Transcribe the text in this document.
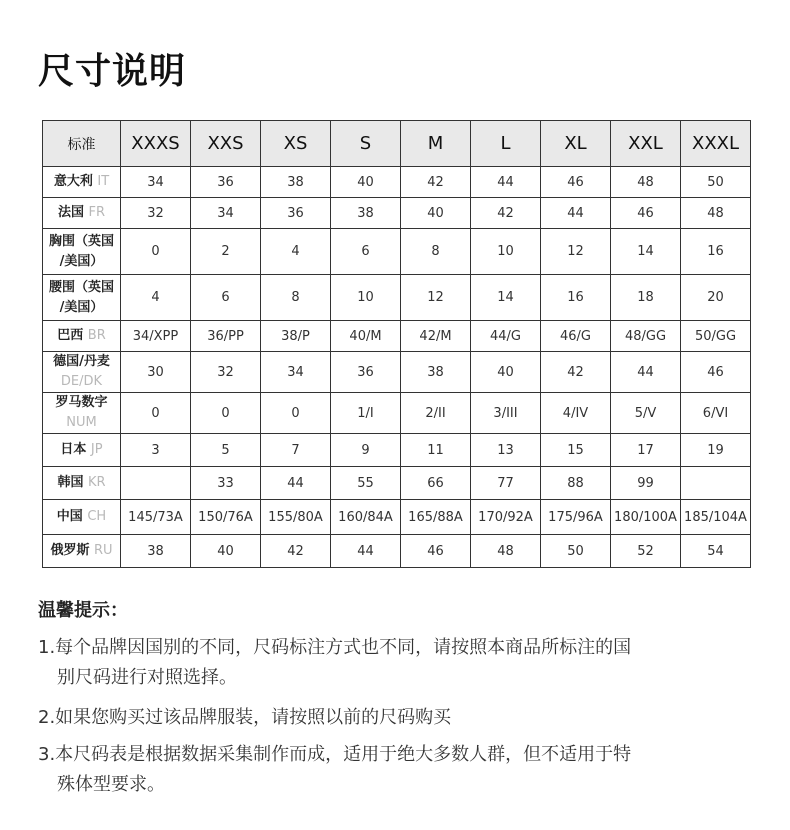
尺寸说明
标准	XXXS	XXS	XS	S	M	L	XL	XXL	XXXL
意大利 IT	34	36	38	40	42	44	46	48	50
法国 FR	32	34	36	38	40	42	44	46	48
胸围（英国
/美国）	0	2	4	6	8	10	12	14	16
腰围（英国
/美国）	4	6	8	10	12	14	16	18	20
巴西 BR	34/XPP	36/PP	38/P	40/M	42/M	44/G	46/G	48/GG	50/GG
德国/丹麦
DE/DK	30	32	34	36	38	40	42	44	46
罗马数字
NUM	0	0	0	1/I	2/II	3/III	4/IV	5/V	6/VI
日本 JP	3	5	7	9	11	13	15	17	19
韩国 KR		33	44	55	66	77	88	99	
中国 CH	145/73A	150/76A	155/80A	160/84A	165/88A	170/92A	175/96A	180/100A	185/104A
俄罗斯 RU	38	40	42	44	46	48	50	52	54
温馨提示：
1.每个品牌因国别的不同，尺码标注方式也不同，请按照本商品所标注的国
别尺码进行对照选择。
2.如果您购买过该品牌服装，请按照以前的尺码购买
3.本尺码表是根据数据采集制作而成，适用于绝大多数人群，但不适用于特
殊体型要求。
